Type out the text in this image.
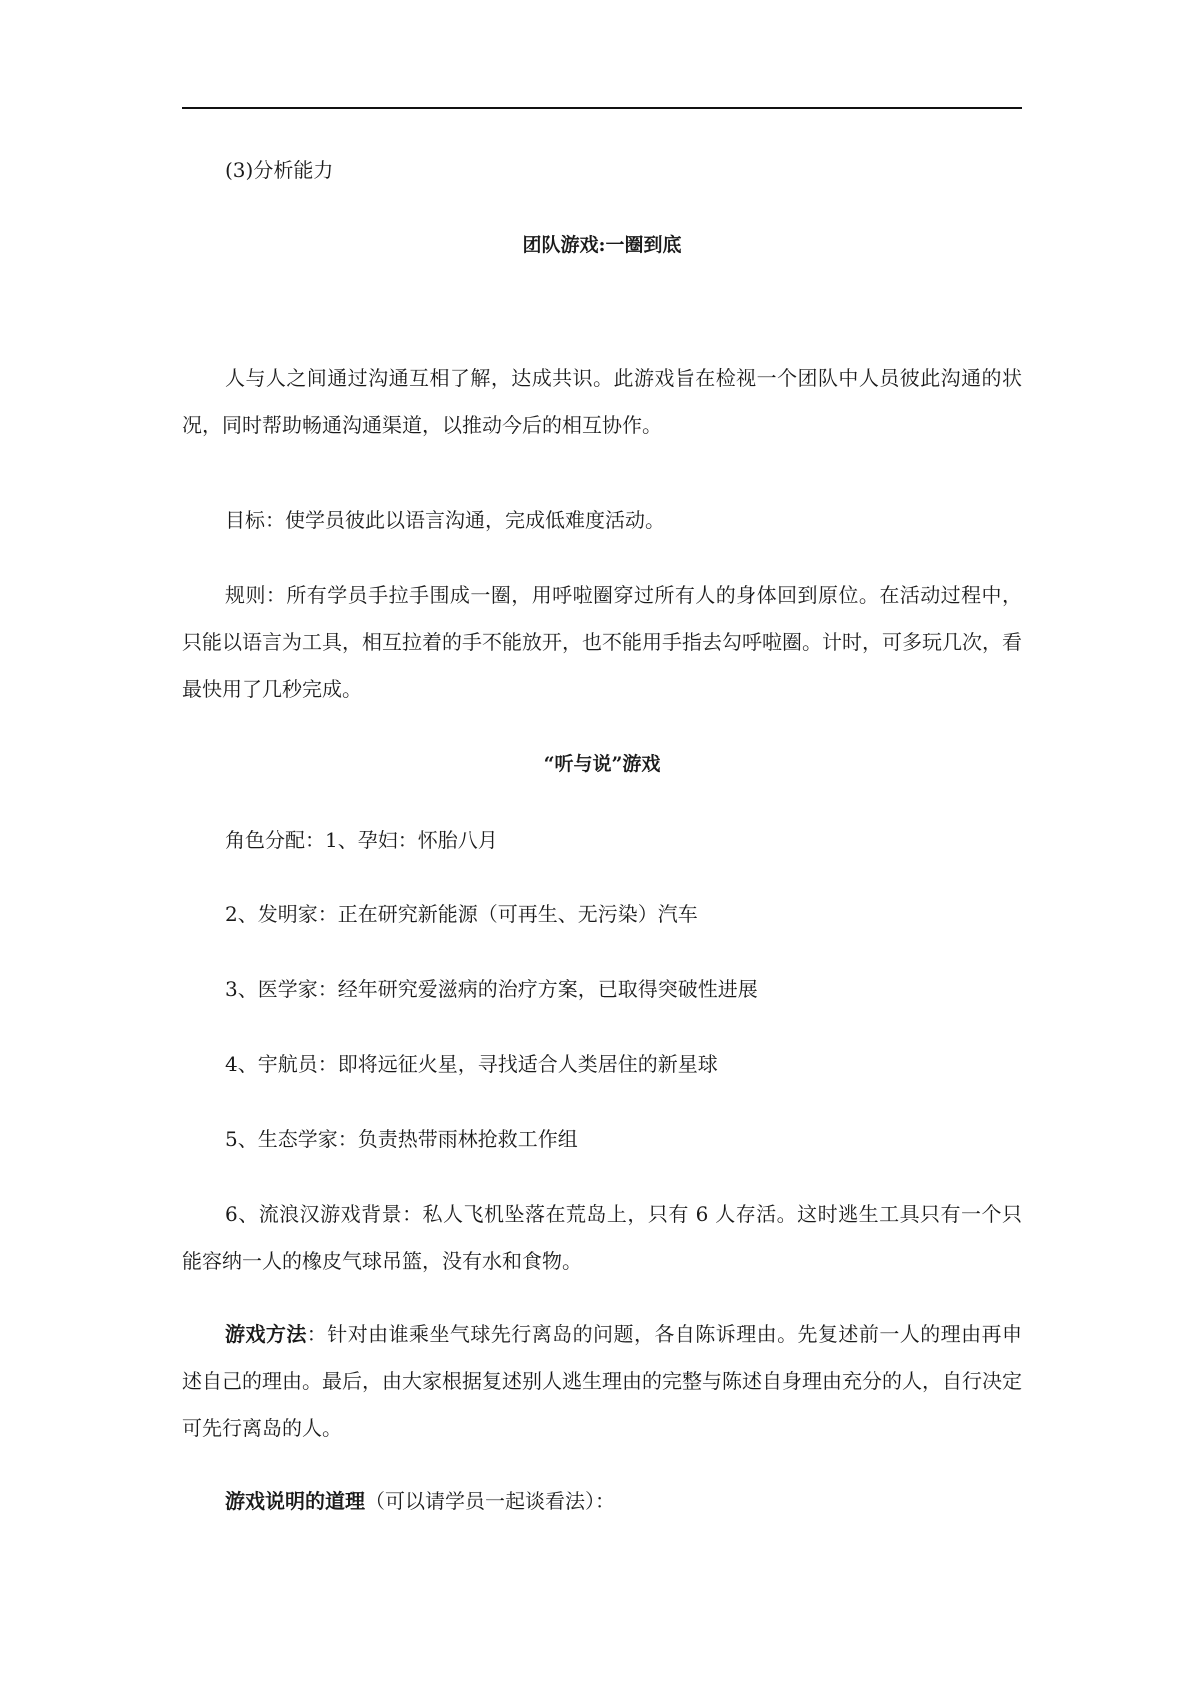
(3)分析能力

团队游戏:一圈到底

人与人之间通过沟通互相了解，达成共识。此游戏旨在检视一个团队中人员彼此沟通的状况，同时帮助畅通沟通渠道，以推动今后的相互协作。

目标：使学员彼此以语言沟通，完成低难度活动。

规则：所有学员手拉手围成一圈，用呼啦圈穿过所有人的身体回到原位。在活动过程中，只能以语言为工具，相互拉着的手不能放开，也不能用手指去勾呼啦圈。计时，可多玩几次，看最快用了几秒完成。

“听与说”游戏

角色分配：1、孕妇：怀胎八月

2、发明家：正在研究新能源（可再生、无污染）汽车

3、医学家：经年研究爱滋病的治疗方案，已取得突破性进展

4、宇航员：即将远征火星，寻找适合人类居住的新星球

5、生态学家：负责热带雨林抢救工作组

6、流浪汉游戏背景：私人飞机坠落在荒岛上，只有 6 人存活。这时逃生工具只有一个只能容纳一人的橡皮气球吊篮，没有水和食物。

游戏方法：针对由谁乘坐气球先行离岛的问题，各自陈诉理由。先复述前一人的理由再申述自己的理由。最后，由大家根据复述别人逃生理由的完整与陈述自身理由充分的人，自行决定可先行离岛的人。

游戏说明的道理（可以请学员一起谈看法）：
